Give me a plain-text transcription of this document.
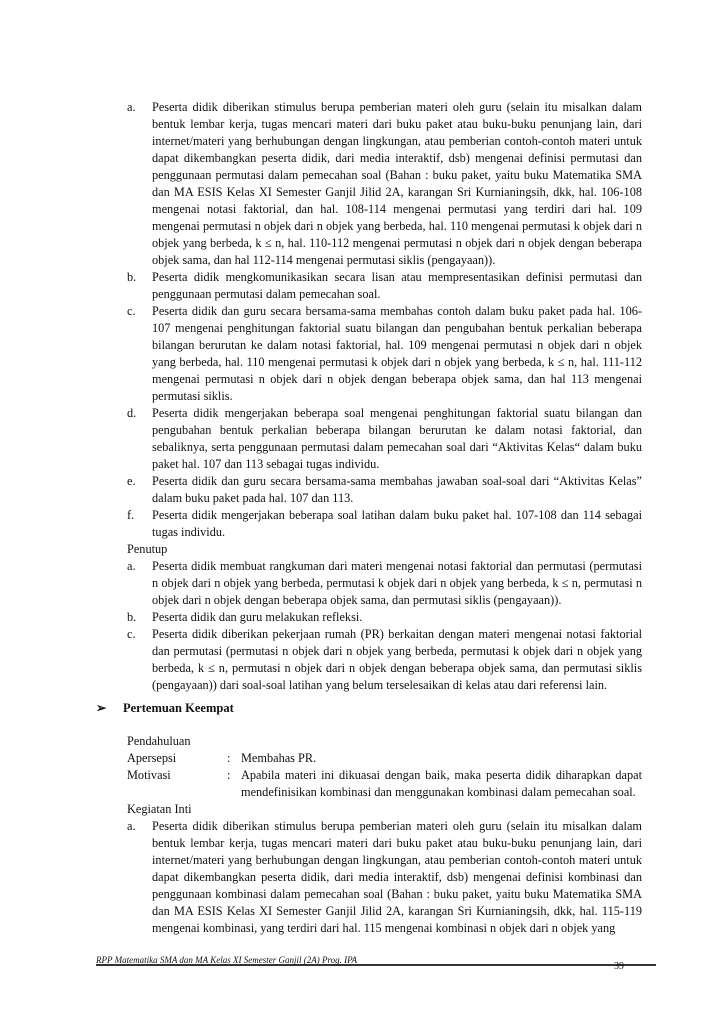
a.	Peserta didik diberikan stimulus berupa pemberian materi oleh guru (selain itu misalkan dalam bentuk lembar kerja, tugas mencari materi dari buku paket atau buku-buku penunjang lain, dari internet/materi yang berhubungan dengan lingkungan, atau pemberian contoh-contoh materi untuk dapat dikembangkan peserta didik, dari media interaktif, dsb) mengenai definisi permutasi dan penggunaan permutasi dalam pemecahan soal (Bahan : buku paket, yaitu buku Matematika SMA dan MA ESIS Kelas XI Semester Ganjil Jilid 2A, karangan Sri Kurnianingsih, dkk, hal. 106-108 mengenai notasi faktorial, dan hal. 108-114 mengenai permutasi yang terdiri dari hal. 109 mengenai permutasi n objek dari n objek yang berbeda, hal. 110 mengenai permutasi k objek dari n objek yang berbeda, k ≤ n, hal. 110-112 mengenai permutasi n objek dari n objek dengan beberapa objek sama, dan hal 112-114 mengenai permutasi siklis (pengayaan)).
b.	Peserta didik mengkomunikasikan secara lisan atau mempresentasikan definisi permutasi dan penggunaan permutasi dalam pemecahan soal.
c.	Peserta didik dan guru secara bersama-sama membahas contoh dalam buku paket pada hal. 106-107 mengenai penghitungan faktorial suatu bilangan dan pengubahan bentuk perkalian beberapa bilangan berurutan ke dalam notasi faktorial, hal. 109 mengenai permutasi n objek dari n objek yang berbeda, hal. 110 mengenai permutasi k objek dari n objek yang berbeda, k ≤ n, hal. 111-112 mengenai permutasi n objek dari n objek dengan beberapa objek sama, dan hal 113 mengenai permutasi siklis.
d.	Peserta didik mengerjakan beberapa soal mengenai penghitungan faktorial suatu bilangan dan pengubahan bentuk perkalian beberapa bilangan berurutan ke dalam notasi faktorial, dan sebaliknya, serta penggunaan permutasi dalam pemecahan soal dari “Aktivitas Kelas“ dalam buku paket hal. 107 dan 113 sebagai tugas individu.
e.	Peserta didik dan guru secara bersama-sama membahas jawaban soal-soal dari “Aktivitas Kelas” dalam buku paket pada hal. 107 dan 113.
f.	Peserta didik mengerjakan beberapa soal latihan dalam buku paket hal. 107-108 dan 114 sebagai tugas individu.

Penutup

a.	Peserta didik membuat rangkuman dari materi mengenai notasi faktorial dan permutasi (permutasi n objek dari n objek yang berbeda, permutasi k objek dari n objek yang berbeda, k ≤ n, permutasi n objek dari n objek dengan beberapa objek sama, dan permutasi siklis (pengayaan)).
b.	Peserta didik dan guru melakukan refleksi.
c.	Peserta didik diberikan pekerjaan rumah (PR) berkaitan dengan materi mengenai notasi faktorial dan permutasi (permutasi n objek dari n objek yang berbeda, permutasi k objek dari n objek yang berbeda, k ≤ n, permutasi n objek dari n objek dengan beberapa objek sama, dan permutasi siklis (pengayaan)) dari soal-soal latihan yang belum terselesaikan di kelas atau dari referensi lain.
➢	Pertemuan Keempat

Pendahuluan

Apersepsi	: Membahas PR.
Motivasi	: Apabila materi ini dikuasai dengan baik, maka peserta didik diharapkan dapat mendefinisikan kombinasi dan menggunakan kombinasi dalam pemecahan soal.

Kegiatan Inti

a.	Peserta didik diberikan stimulus berupa pemberian materi oleh guru (selain itu misalkan dalam bentuk lembar kerja, tugas mencari materi dari buku paket atau buku-buku penunjang lain, dari internet/materi yang berhubungan dengan lingkungan, atau pemberian contoh-contoh materi untuk dapat dikembangkan peserta didik, dari media interaktif, dsb) mengenai definisi kombinasi dan penggunaan kombinasi dalam pemecahan soal (Bahan : buku paket, yaitu buku Matematika SMA dan MA ESIS Kelas XI Semester Ganjil Jilid 2A, karangan Sri Kurnianingsih, dkk, hal. 115-119 mengenai kombinasi, yang terdiri dari hal. 115 mengenai kombinasi n objek dari n objek yang
RPP Matematika SMA dan MA Kelas XI Semester Ganjil (2A) Prog. IPA
39
